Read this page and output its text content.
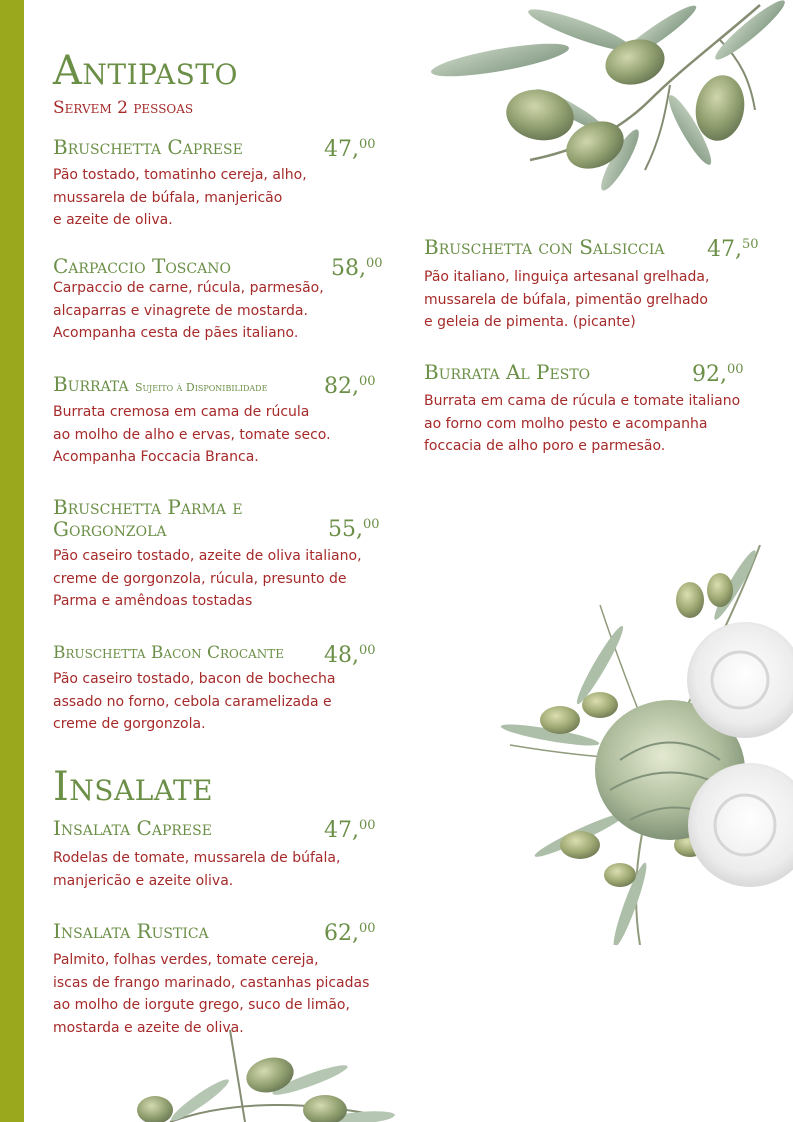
Antipasto
Servem 2 pessoas
Bruschetta Caprese	47,00
Pão tostado, tomatinho cereja, alho,
mussarela de búfala, manjericão
e azeite de oliva.
Carpaccio Toscano	58,00
Carpaccio de carne, rúcula, parmesão,
alcaparras e vinagrete de mostarda.
Acompanha cesta de pães italiano.
Burrata Sujeito à Disponibilidade	82,00
Burrata cremosa em cama de rúcula
ao molho de alho e ervas, tomate seco.
Acompanha Foccacia Branca.
Bruschetta Parma e
Gorgonzola	55,00
Pão caseiro tostado, azeite de oliva italiano,
creme de gorgonzola, rúcula, presunto de
Parma e amêndoas tostadas
Bruschetta Bacon Crocante 48,00
Pão caseiro tostado, bacon de bochecha
assado no forno, cebola caramelizada e
creme de gorgonzola.
Bruschetta con Salsiccia 47,50
Pão italiano, linguiça artesanal grelhada,
mussarela de búfala, pimentão grelhado
e geleia de pimenta. (picante)
Burrata Al Pesto	92,00
Burrata em cama de rúcula e tomate italiano
ao forno com molho pesto e acompanha
foccacia de alho poro e parmesão.
Insalate
Insalata Caprese	47,00
Rodelas de tomate, mussarela de búfala,
manjericão e azeite oliva.
Insalata Rustica	62,00
Palmito, folhas verdes, tomate cereja,
iscas de frango marinado, castanhas picadas
ao molho de iorgute grego, suco de limão,
mostarda e azeite de oliva.
